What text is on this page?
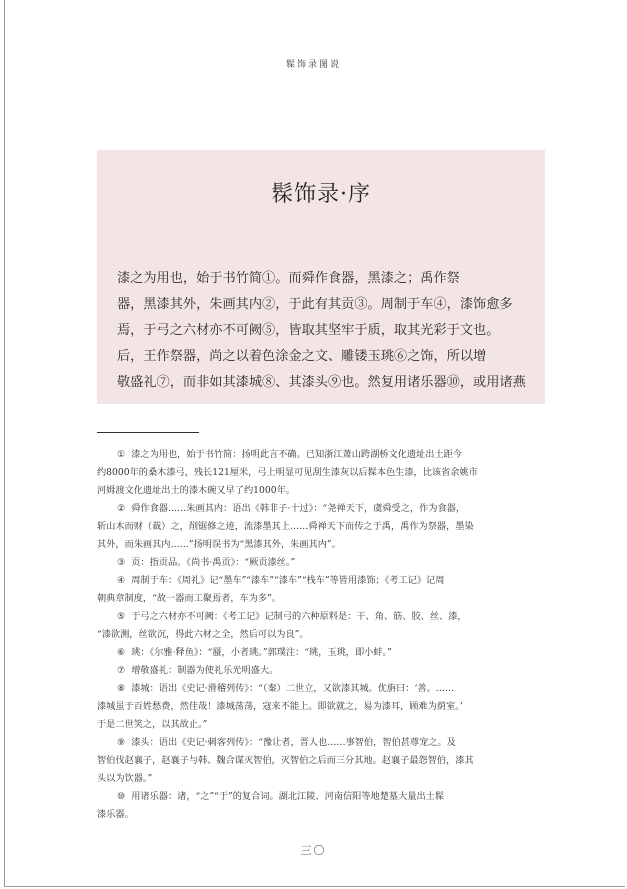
髹饰录图说
髹饰录·序
漆之为用也，始于书竹简①。而舜作食器，黑漆之；禹作祭
器，黑漆其外，朱画其内②，于此有其贡③。周制于车④，漆饰愈多
焉，于弓之六材亦不可阙⑤，皆取其坚牢于质，取其光彩于文也。
后，王作祭器，尚之以着色涂金之文、雕镂玉珧⑥之饰，所以增
敬盛礼⑦，而非如其漆城⑧、其漆头⑨也。然复用诸乐器⑩，或用诸燕

① 漆之为用也，始于书竹简：扬明此言不确。已知浙江萧山跨湖桥文化遗址出土距今

约8000年的桑木漆弓，残长121厘米，弓上明显可见刮生漆灰以后髹本色生漆，比该省余姚市

河姆渡文化遗址出土的漆木碗又早了约1000年。

② 舜作食器……朱画其内：语出《韩非子·十过》：“尧禅天下，虞舜受之，作为食器，

斩山木而财（裁）之，削锯修之迹，流漆墨其上……舜禅天下而传之于禹，禹作为祭器，墨染

其外，而朱画其内……”扬明误书为“黑漆其外，朱画其内”。

③ 贡：指贡品。《尚书·禹贡》：“厥贡漆丝。”

④ 周制于车：《周礼》记“墨车”“漆车”“漆车”“栈车”等皆用漆饰；《考工记》记周

朝典章制度，“故一器而工聚焉者，车为多”。

⑤ 于弓之六材亦不可阙：《考工记》记制弓的六种原料是：干、角、筋、胶、丝、漆，

“漆欲测，丝欲沉，得此六材之全，然后可以为良”。

⑥ 珧：《尔雅·释鱼》：“蜃，小者珧。”郭璞注：“珧，玉珧，即小蚌。”

⑦ 增敬盛礼：制器为使礼乐光明盛大。

⑧ 漆城：语出《史记·滑稽列传》：“（秦）二世立，又欲漆其城。优旃曰：‘善。……

漆城虽于百姓愁费，然佳哉！漆城荡荡，寇来不能上。即欲就之，易为漆耳，顾难为荫室。’

于是二世笑之，以其故止。”

⑨ 漆头：语出《史记·刺客列传》：“豫让者，晋人也……事智伯，智伯甚尊宠之。及

智伯伐赵襄子，赵襄子与韩、魏合谋灭智伯，灭智伯之后而三分其地。赵襄子最怨智伯，漆其

头以为饮器。”

⑩ 用诸乐器：诸，“之”“于”的复合词。湖北江陵、河南信阳等地楚墓大量出土髹

漆乐器。

三〇
